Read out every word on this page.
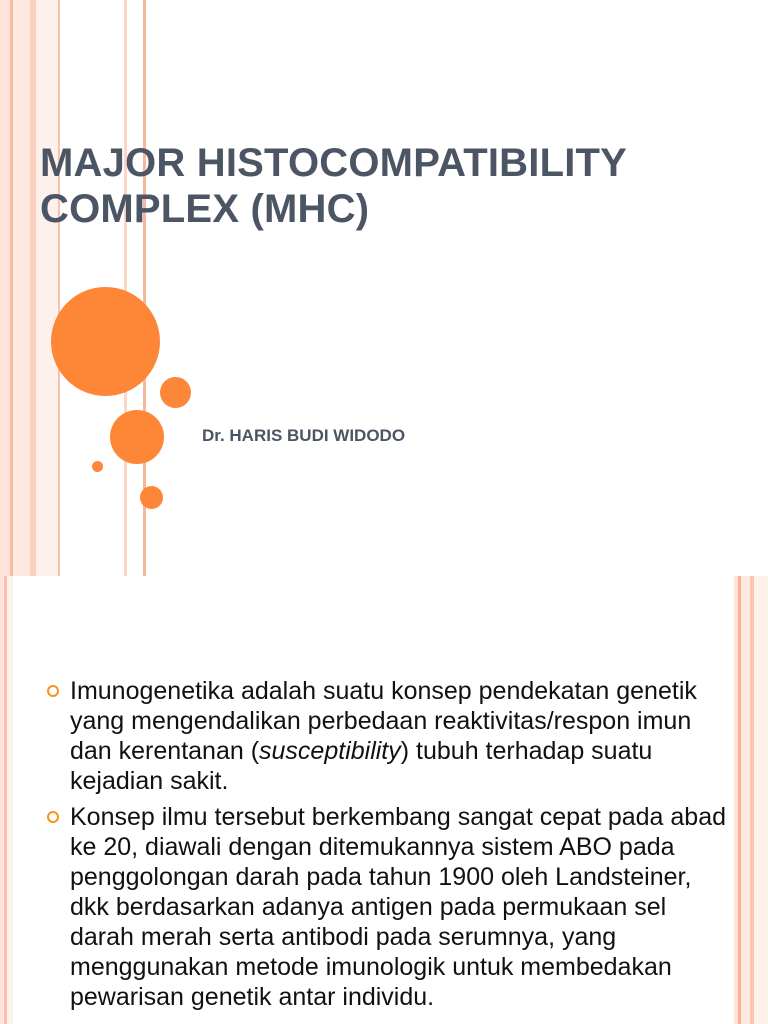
MAJOR HISTOCOMPATIBILITY
COMPLEX (MHC)
Dr. HARIS BUDI WIDODO
Imunogenetika adalah suatu konsep pendekatan genetik yang mengendalikan perbedaan reaktivitas/respon imun dan kerentanan (susceptibility) tubuh terhadap suatu kejadian sakit.
Konsep ilmu tersebut berkembang sangat cepat pada abad ke 20, diawali dengan ditemukannya sistem ABO pada penggolongan darah pada tahun 1900 oleh Landsteiner, dkk berdasarkan adanya antigen pada permukaan sel darah merah serta antibodi pada serumnya, yang menggunakan metode imunologik untuk membedakan pewarisan genetik antar individu.
